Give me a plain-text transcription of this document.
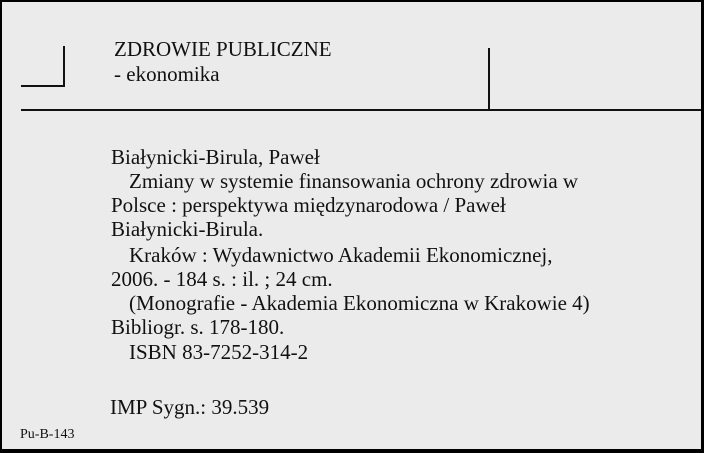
ZDROWIE PUBLICZNE
- ekonomika
Białynicki-Birula, Paweł
Zmiany w systemie finansowania ochrony zdrowia w
Polsce : perspektywa międzynarodowa / Paweł
Białynicki-Birula.
Kraków : Wydawnictwo Akademii Ekonomicznej,
2006. - 184 s. : il. ; 24 cm.
(Monografie - Akademia Ekonomiczna w Krakowie 4)
Bibliogr. s. 178-180.
ISBN 83-7252-314-2
IMP Sygn.: 39.539
Pu-B-143
